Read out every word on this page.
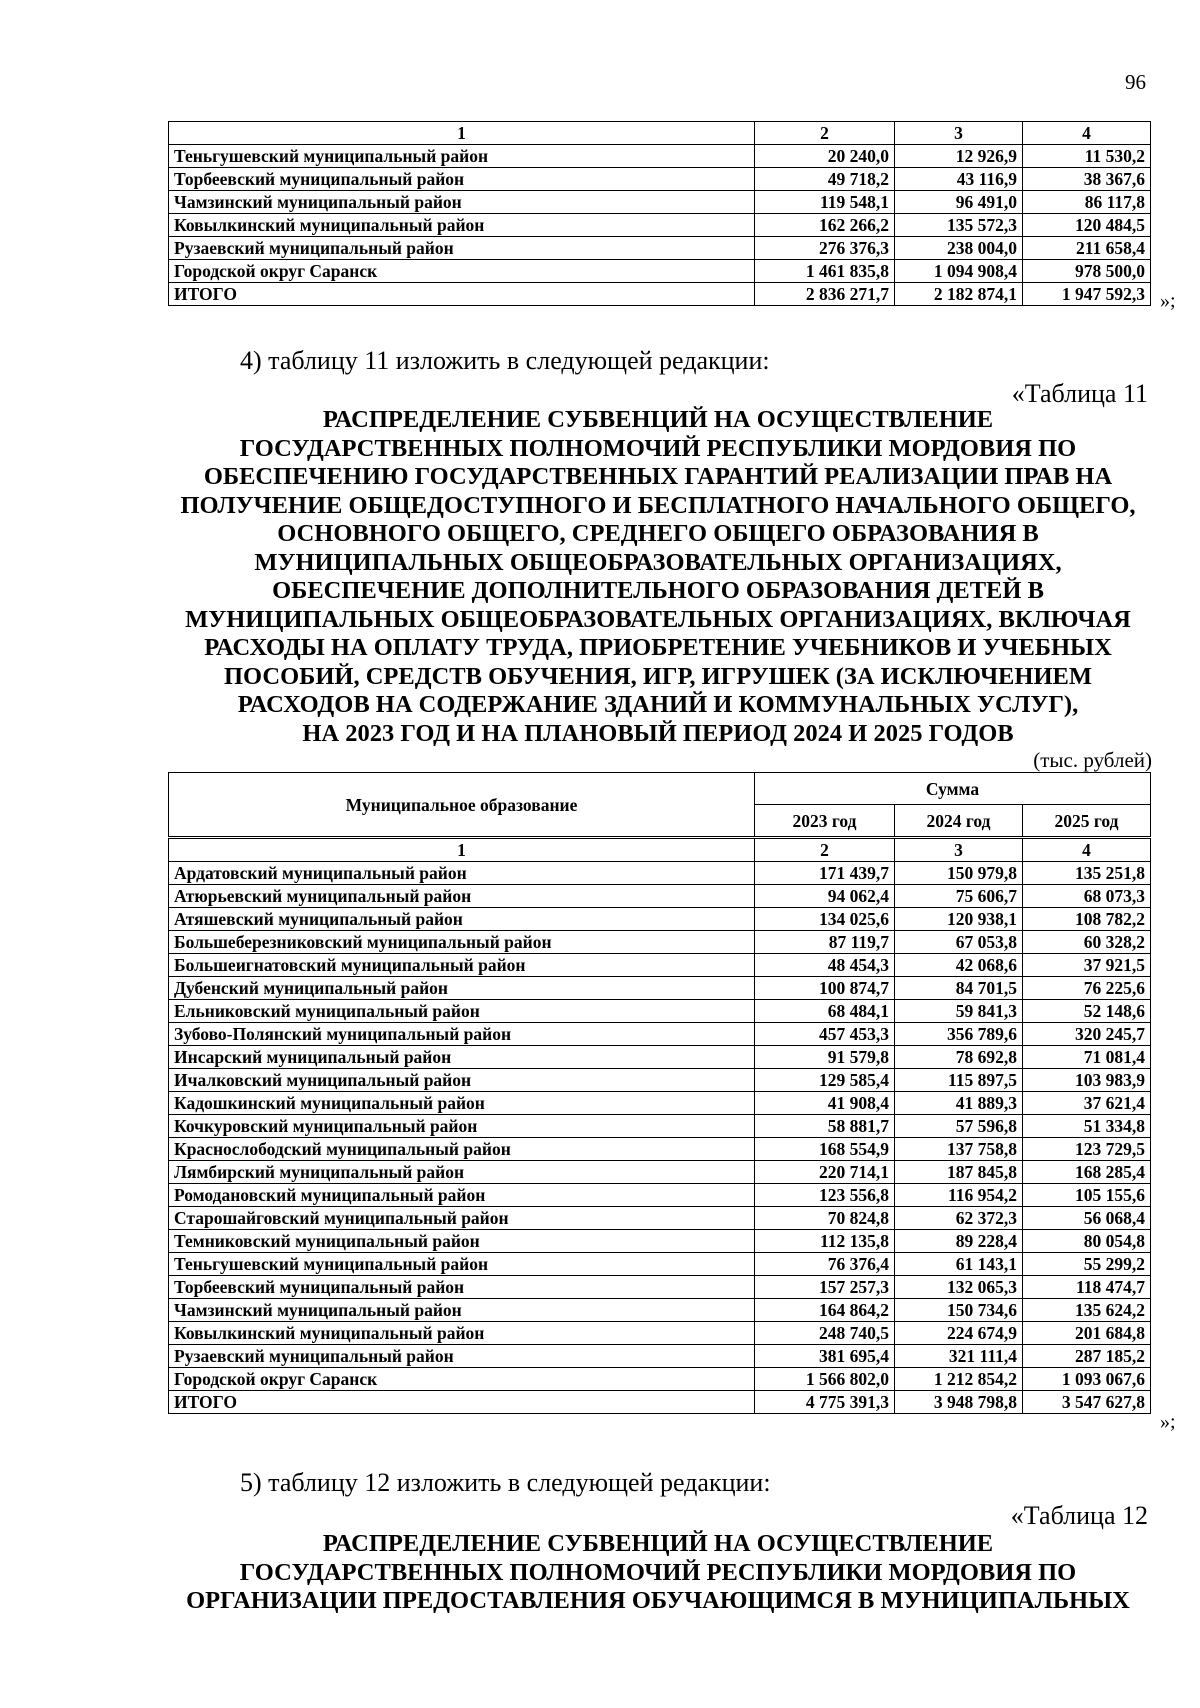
96
1	2	3	4
Теньгушевский муниципальный район	20 240,0	12 926,9	11 530,2
Торбеевский муниципальный район	49 718,2	43 116,9	38 367,6
Чамзинский муниципальный район	119 548,1	96 491,0	86 117,8
Ковылкинский муниципальный район	162 266,2	135 572,3	120 484,5
Рузаевский муниципальный район	276 376,3	238 004,0	211 658,4
Городской округ Саранск	1 461 835,8	1 094 908,4	978 500,0
ИТОГО	2 836 271,7	2 182 874,1	1 947 592,3 »;
4) таблицу 11 изложить в следующей редакции:
«Таблица 11
РАСПРЕДЕЛЕНИЕ СУБВЕНЦИЙ НА ОСУЩЕСТВЛЕНИЕ
ГОСУДАРСТВЕННЫХ ПОЛНОМОЧИЙ РЕСПУБЛИКИ МОРДОВИЯ ПО
ОБЕСПЕЧЕНИЮ ГОСУДАРСТВЕННЫХ ГАРАНТИЙ РЕАЛИЗАЦИИ ПРАВ НА
ПОЛУЧЕНИЕ ОБЩЕДОСТУПНОГО И БЕСПЛАТНОГО НАЧАЛЬНОГО ОБЩЕГО,
ОСНОВНОГО ОБЩЕГО, СРЕДНЕГО ОБЩЕГО ОБРАЗОВАНИЯ В
МУНИЦИПАЛЬНЫХ ОБЩЕОБРАЗОВАТЕЛЬНЫХ ОРГАНИЗАЦИЯХ,
ОБЕСПЕЧЕНИЕ ДОПОЛНИТЕЛЬНОГО ОБРАЗОВАНИЯ ДЕТЕЙ В
МУНИЦИПАЛЬНЫХ ОБЩЕОБРАЗОВАТЕЛЬНЫХ ОРГАНИЗАЦИЯХ, ВКЛЮЧАЯ
РАСХОДЫ НА ОПЛАТУ ТРУДА, ПРИОБРЕТЕНИЕ УЧЕБНИКОВ И УЧЕБНЫХ
ПОСОБИЙ, СРЕДСТВ ОБУЧЕНИЯ, ИГР, ИГРУШЕК (ЗА ИСКЛЮЧЕНИЕМ
РАСХОДОВ НА СОДЕРЖАНИЕ ЗДАНИЙ И КОММУНАЛЬНЫХ УСЛУГ),
НА 2023 ГОД И НА ПЛАНОВЫЙ ПЕРИОД 2024 И 2025 ГОДОВ
(тыс. рублей)
Муниципальное образование	Сумма		
	2023 год	2024 год	2025 год
1	2	3	4
Ардатовский муниципальный район	171 439,7	150 979,8	135 251,8
Атюрьевский муниципальный район	94 062,4	75 606,7	68 073,3
Атяшевский муниципальный район	134 025,6	120 938,1	108 782,2
Большеберезниковский муниципальный район	87 119,7	67 053,8	60 328,2
Большеигнатовский муниципальный район	48 454,3	42 068,6	37 921,5
Дубенский муниципальный район	100 874,7	84 701,5	76 225,6
Ельниковский муниципальный район	68 484,1	59 841,3	52 148,6
Зубово-Полянский муниципальный район	457 453,3	356 789,6	320 245,7
Инсарский муниципальный район	91 579,8	78 692,8	71 081,4
Ичалковский муниципальный район	129 585,4	115 897,5	103 983,9
Кадошкинский муниципальный район	41 908,4	41 889,3	37 621,4
Кочкуровский муниципальный район	58 881,7	57 596,8	51 334,8
Краснослободский муниципальный район	168 554,9	137 758,8	123 729,5
Лямбирский муниципальный район	220 714,1	187 845,8	168 285,4
Ромодановский муниципальный район	123 556,8	116 954,2	105 155,6
Старошайговский муниципальный район	70 824,8	62 372,3	56 068,4
Темниковский муниципальный район	112 135,8	89 228,4	80 054,8
Теньгушевский муниципальный район	76 376,4	61 143,1	55 299,2
Торбеевский муниципальный район	157 257,3	132 065,3	118 474,7
Чамзинский муниципальный район	164 864,2	150 734,6	135 624,2
Ковылкинский муниципальный район	248 740,5	224 674,9	201 684,8
Рузаевский муниципальный район	381 695,4	321 111,4	287 185,2
Городской округ Саранск	1 566 802,0	1 212 854,2	1 093 067,6
ИТОГО	4 775 391,3	3 948 798,8	3 547 627,8
»;
5) таблицу 12 изложить в следующей редакции:
«Таблица 12
РАСПРЕДЕЛЕНИЕ СУБВЕНЦИЙ НА ОСУЩЕСТВЛЕНИЕ
ГОСУДАРСТВЕННЫХ ПОЛНОМОЧИЙ РЕСПУБЛИКИ МОРДОВИЯ ПО
ОРГАНИЗАЦИИ ПРЕДОСТАВЛЕНИЯ ОБУЧАЮЩИМСЯ В МУНИЦИПАЛЬНЫХ
